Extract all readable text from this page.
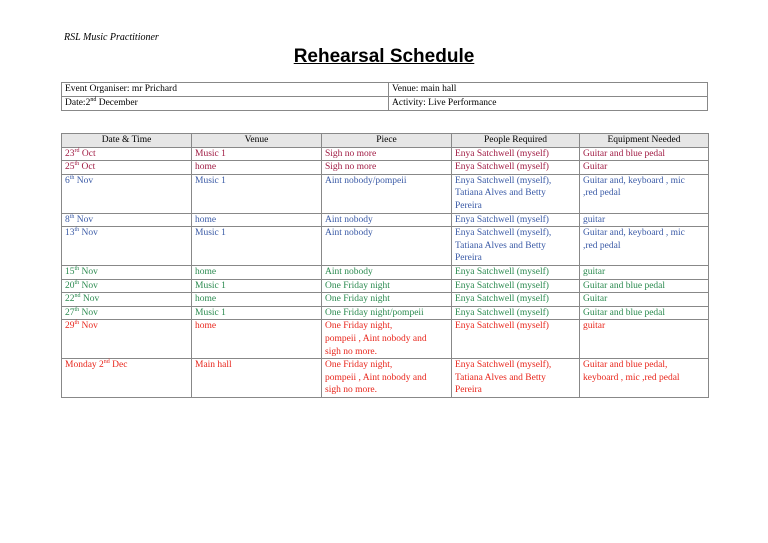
RSL Music Practitioner
Rehearsal Schedule
Event Organiser: mr Prichard	Venue: main hall
Date:2nd December	Activity: Live Performance
Date & Time	Venue	Piece	People Required	Equipment Needed
23rd Oct	Music 1	Sigh no more	Enya Satchwell (myself)	Guitar and blue pedal
25th Oct	home	Sigh no more	Enya Satchwell (myself)	Guitar
6th Nov	Music 1	Aint nobody/pompeii	Enya Satchwell (myself),
Tatiana Alves and Betty
Pereira	Guitar and, keyboard , mic
,red pedal
8th Nov	home	Aint nobody	Enya Satchwell (myself)	guitar
13th Nov	Music 1	Aint nobody	Enya Satchwell (myself),
Tatiana Alves and Betty
Pereira	Guitar and, keyboard , mic
,red pedal
15th Nov	home	Aint nobody	Enya Satchwell (myself)	guitar
20th Nov	Music 1	One Friday night	Enya Satchwell (myself)	Guitar and blue pedal
22nd Nov	home	One Friday night	Enya Satchwell (myself)	Guitar
27th Nov	Music 1	One Friday night/pompeii	Enya Satchwell (myself)	Guitar and blue pedal
29th Nov	home	One Friday night,
pompeii , Aint nobody and
sigh no more.	Enya Satchwell (myself)	guitar
Monday 2nd Dec	Main hall	One Friday night,
pompeii , Aint nobody and
sigh no more.	Enya Satchwell (myself),
Tatiana Alves and Betty
Pereira	Guitar and blue pedal,
keyboard , mic ,red pedal
